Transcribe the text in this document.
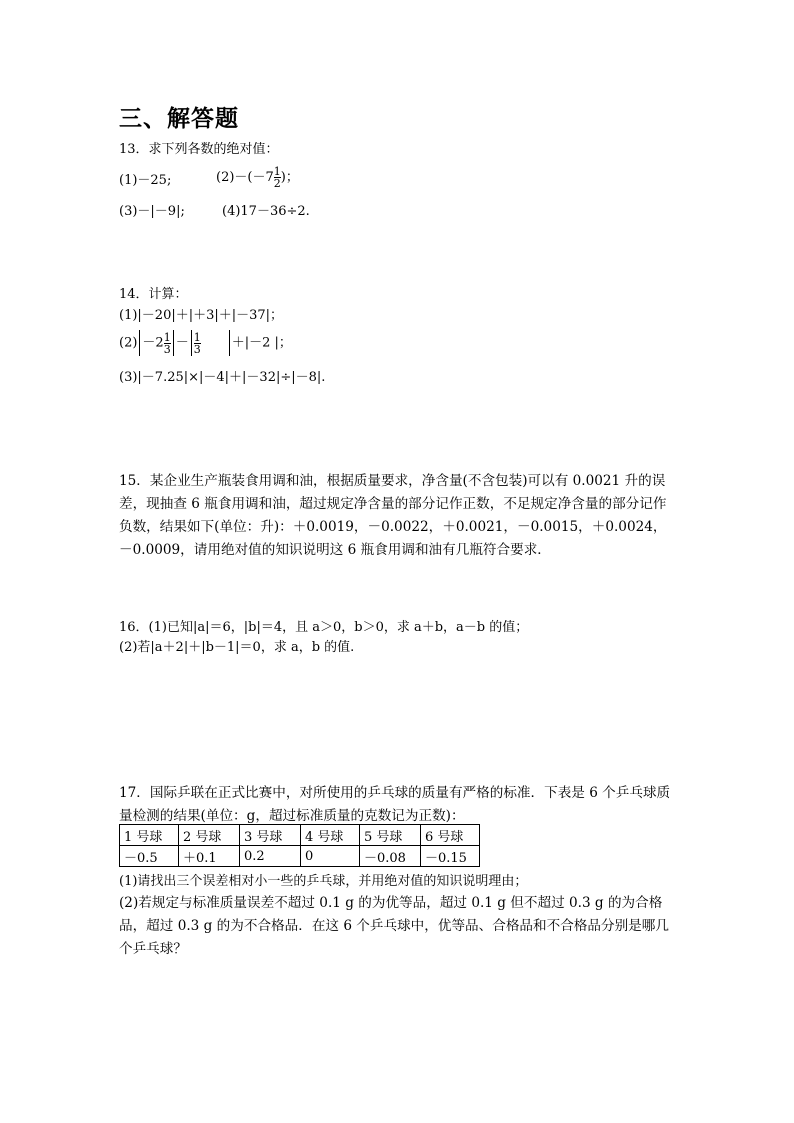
三、解答题
13．求下列各数的绝对值：
(1)－25;	$(2)-(-7 \frac{1}{2}$ )；
(3)－|－9|;	(4)17－36÷2.
14．计算：
(1)|－20|＋|＋3|＋|－37|；
$(2) -2 \frac{1}{3} - \frac{1}{3} +|-2$ |；
(3)|－7.25|×|－4|＋|－32|÷|－8|.
15．某企业生产瓶装食用调和油，根据质量要求，净含量(不含包装)可以有 0.0021 升的误差，现抽查 6 瓶食用调和油，超过规定净含量的部分记作正数，不足规定净含量的部分记作负数，结果如下(单位：升)：＋0.0019，－0.0022，＋0.0021，－0.0015，＋0.0024，－0.0009，请用绝对值的知识说明这 6 瓶食用调和油有几瓶符合要求．
16．(1)已知|a|＝6，|b|＝4，且 a＞0，b＞0，求 a＋b，a－b 的值；
(2)若|a＋2|＋|b－1|＝0，求 a，b 的值.
17．国际乒联在正式比赛中，对所使用的乒乓球的质量有严格的标准．下表是 6 个乒乓球质量检测的结果(单位：g，超过标准质量的克数记为正数)：
1 号球	2 号球	3 号球	4 号球	5 号球	6 号球
－0.5	＋0.1	0.2	0	－0.08	－0.15
(1)请找出三个误差相对小一些的乒乓球，并用绝对值的知识说明理由；
(2)若规定与标准质量误差不超过 0.1 g 的为优等品，超过 0.1 g 但不超过 0.3 g 的为合格品，超过 0.3 g 的为不合格品．在这 6 个乒乓球中，优等品、合格品和不合格品分别是哪几个乒乓球？
